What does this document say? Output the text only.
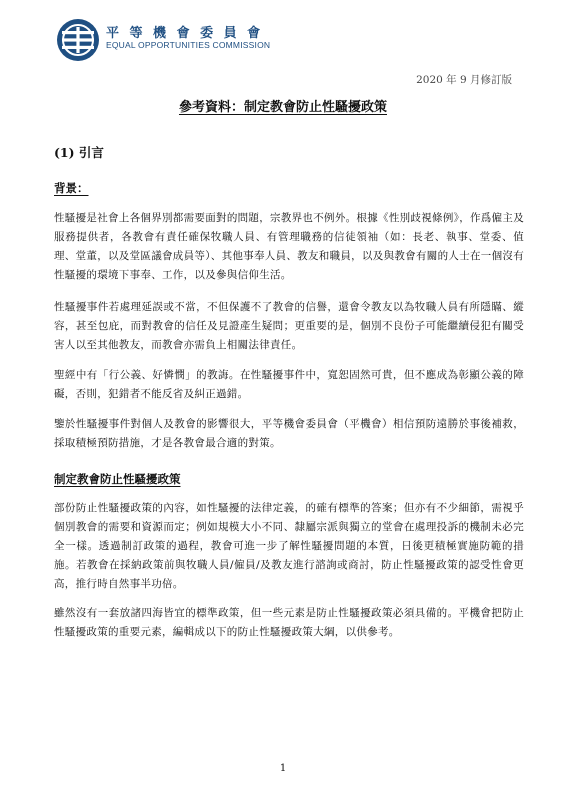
平 等 機 會 委 員 會
EQUAL OPPORTUNITIES COMMISSION
2020 年 9 月修訂版
參考資料：制定教會防止性騷擾政策
(1) 引言
背景：

性騷擾是社會上各個界別都需要面對的問題，宗教界也不例外。根據《性別歧視條例》，作爲僱主及服務提供者，各教會有責任確保牧職人員、有管理職務的信徒領袖（如：長老、執事、堂委、值理、堂董，以及堂區議會成員等）、其他事奉人員、教友和職員，以及與教會有關的人士在一個沒有性騷擾的環境下事奉、工作，以及參與信仰生活。

性騷擾事件若處理延誤或不當，不但保護不了教會的信譽，還會令教友以為牧職人員有所隱瞞、縱容，甚至包庇，而對教會的信任及見證產生疑問；更重要的是，個別不良份子可能繼續侵犯有關受害人以至其他教友，而教會亦需負上相關法律責任。

聖經中有「行公義、好憐憫」的教誨。在性騷擾事件中，寬恕固然可貴，但不應成為彰顯公義的障礙，否則，犯錯者不能反省及糾正過錯。

鑒於性騷擾事件對個人及教會的影響很大，平等機會委員會（平機會）相信預防遠勝於事後補救，採取積極預防措施，才是各教會最合適的對策。

制定教會防止性騷擾政策

部份防止性騷擾政策的內容，如性騷擾的法律定義，的確有標準的答案；但亦有不少細節，需視乎個別教會的需要和資源而定；例如規模大小不同、隸屬宗派與獨立的堂會在處理投訴的機制未必完全一樣。透過制訂政策的過程，教會可進一步了解性騷擾問題的本質，日後更積極實施防範的措施。若教會在採納政策前與牧職人員/僱員/及教友進行諮詢或商討，防止性騷擾政策的認受性會更高，推行時自然事半功倍。

雖然沒有一套放諸四海皆宜的標準政策，但一些元素是防止性騷擾政策必須具備的。平機會把防止性騷擾政策的重要元素，編輯成以下的防止性騷擾政策大綱，以供參考。

1
